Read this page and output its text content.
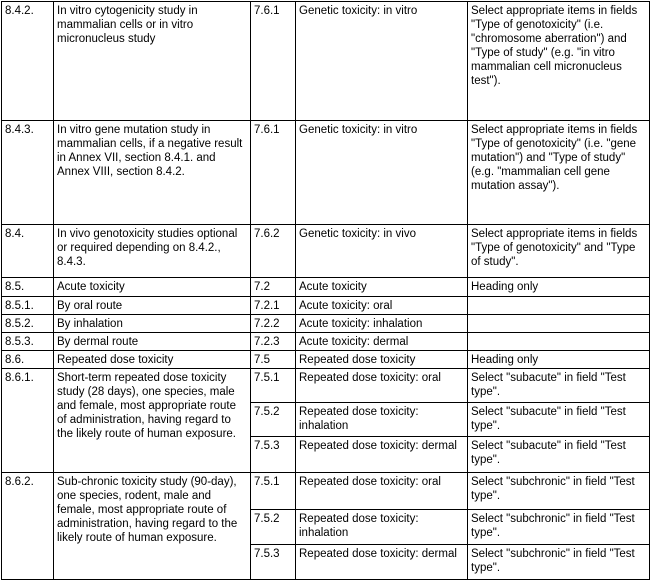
8.4.2.	In vitro cytogenicity study in mammalian cells or in vitro micronucleus study	7.6.1	Genetic toxicity: in vitro	Select appropriate items in fields "Type of genotoxicity" (i.e. "chromosome aberration") and "Type of study" (e.g. "in vitro mammalian cell micronucleus test").
8.4.3.	In vitro gene mutation study in mammalian cells, if a negative result in Annex VII, section 8.4.1. and Annex VIII, section 8.4.2.	7.6.1	Genetic toxicity: in vitro	Select appropriate items in fields "Type of genotoxicity" (i.e. "gene mutation") and "Type of study" (e.g. "mammalian cell gene mutation assay").
8.4.	In vivo genotoxicity studies optional or required depending on 8.4.2., 8.4.3.	7.6.2	Genetic toxicity: in vivo	Select appropriate items in fields "Type of genotoxicity" and "Type of study".
8.5.	Acute toxicity	7.2	Acute toxicity	Heading only
8.5.1.	By oral route	7.2.1	Acute toxicity: oral	
8.5.2.	By inhalation	7.2.2	Acute toxicity: inhalation	
8.5.3.	By dermal route	7.2.3	Acute toxicity: dermal	
8.6.	Repeated dose toxicity	7.5	Repeated dose toxicity	Heading only
8.6.1.	Short-term repeated dose toxicity study (28 days), one species, male and female, most appropriate route of administration, having regard to the likely route of human exposure.	7.5.1	Repeated dose toxicity: oral	Select "subacute" in field "Test type".
		7.5.2	Repeated dose toxicity: inhalation	Select "subacute" in field "Test type".
		7.5.3	Repeated dose toxicity: dermal	Select "subacute" in field "Test type".
8.6.2.	Sub-chronic toxicity study (90-day), one species, rodent, male and female, most appropriate route of administration, having regard to the likely route of human exposure.	7.5.1	Repeated dose toxicity: oral	Select "subchronic" in field "Test type".
		7.5.2	Repeated dose toxicity: inhalation	Select "subchronic" in field "Test type".
		7.5.3	Repeated dose toxicity: dermal	Select "subchronic" in field "Test type".
